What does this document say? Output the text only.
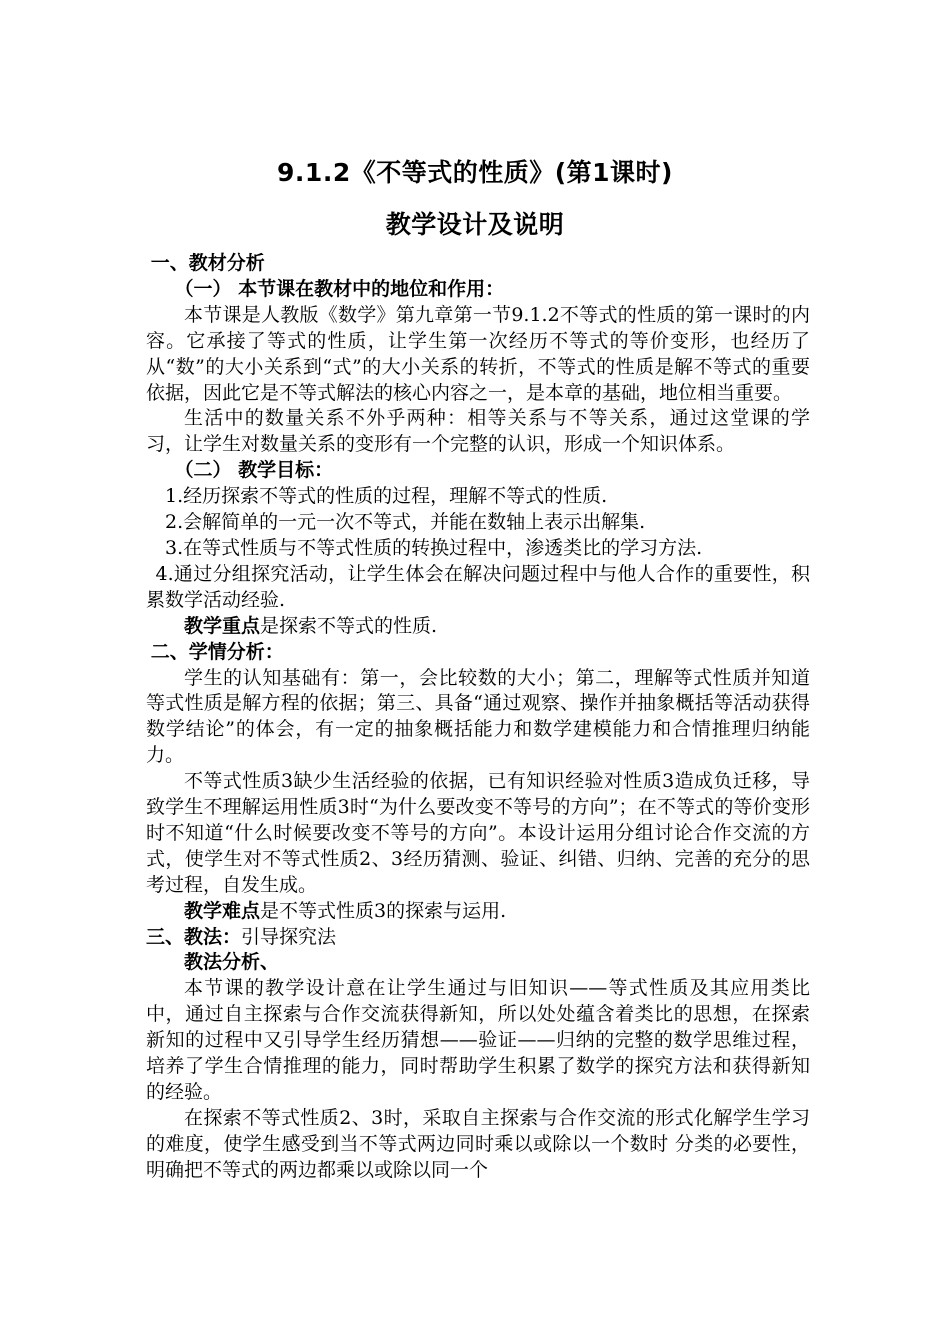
9.1.2《不等式的性质》(第1课时)
教学设计及说明

一、教材分析

（一） 本节课在教材中的地位和作用：

本节课是人教版《数学》第九章第一节9.1.2不等式的性质的第一课时的内容。它承接了等式的性质，让学生第一次经历不等式的等价变形，也经历了从“数”的大小关系到“式”的大小关系的转折，不等式的性质是解不等式的重要依据，因此它是不等式解法的核心内容之一，是本章的基础，地位相当重要。

生活中的数量关系不外乎两种：相等关系与不等关系，通过这堂课的学习，让学生对数量关系的变形有一个完整的认识，形成一个知识体系。

（二） 教学目标：

1.经历探索不等式的性质的过程，理解不等式的性质.

2.会解简单的一元一次不等式，并能在数轴上表示出解集.

3.在等式性质与不等式性质的转换过程中，渗透类比的学习方法.

4.通过分组探究活动，让学生体会在解决问题过程中与他人合作的重要性，积累数学活动经验.

教学重点是探索不等式的性质.

二、学情分析：

学生的认知基础有：第一，会比较数的大小；第二，理解等式性质并知道等式性质是解方程的依据；第三、具备“通过观察、操作并抽象概括等活动获得数学结论”的体会，有一定的抽象概括能力和数学建模能力和合情推理归纳能力。

不等式性质3缺少生活经验的依据，已有知识经验对性质3造成负迁移，导致学生不理解运用性质3时“为什么要改变不等号的方向”；在不等式的等价变形时不知道“什么时候要改变不等号的方向”。本设计运用分组讨论合作交流的方式，使学生对不等式性质2、3经历猜测、验证、纠错、归纳、完善的充分的思考过程，自发生成。

教学难点是不等式性质3的探索与运用.

三、教法：引导探究法

教法分析、

本节课的教学设计意在让学生通过与旧知识——等式性质及其应用类比中，通过自主探索与合作交流获得新知，所以处处蕴含着类比的思想，在探索新知的过程中又引导学生经历猜想——验证——归纳的完整的数学思维过程，培养了学生合情推理的能力，同时帮助学生积累了数学的探究方法和获得新知的经验。

在探索不等式性质2、3时，采取自主探索与合作交流的形式化解学生学习的难度，使学生感受到当不等式两边同时乘以或除以一个数时 分类的必要性，明确把不等式的两边都乘以或除以同一个
